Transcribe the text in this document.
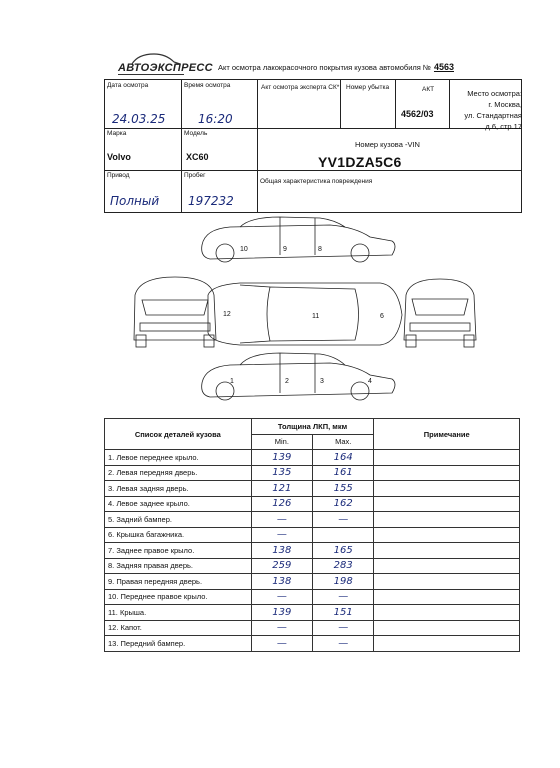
АВТОЭКСПРЕСС Акт осмотра лакокрасочного покрытия кузова автомобиля № 4563
Дата осмотра
24.03.25
Время осмотра
16:20
Акт осмотра эксперта СК* Номер убытка	АКТ
4562/03
Место осмотра:
г. Москва,
ул. Стандартная
д.6, стр.17
Марка
Volvo
Модель
XC60
Номер кузова -VIN
YV1DZA5C6
Привод
Полный
Пробег
197232
Общая характеристика повреждения
10	9	8
12	11	6
1	2	3	4
Список деталей кузова	Толщина ЛКП, мкм		Примечание
	Min.	Max.	
1. Левое переднее крыло.	139	164	
2. Левая передняя дверь.	135	161	
3. Левая задняя дверь.	121	155	
4. Левое заднее крыло.	126	162	
5. Задний бампер.	—	—	
6. Крышка багажника.	—		
7. Заднее правое крыло.	138	165	
8. Задняя правая дверь.	259	283	
9. Правая передняя дверь.	138	198	
10. Переднее правое крыло.	—	—	
11. Крыша.	139	151	
12. Капот.	—	—	
13. Передний бампер.	—	—	
